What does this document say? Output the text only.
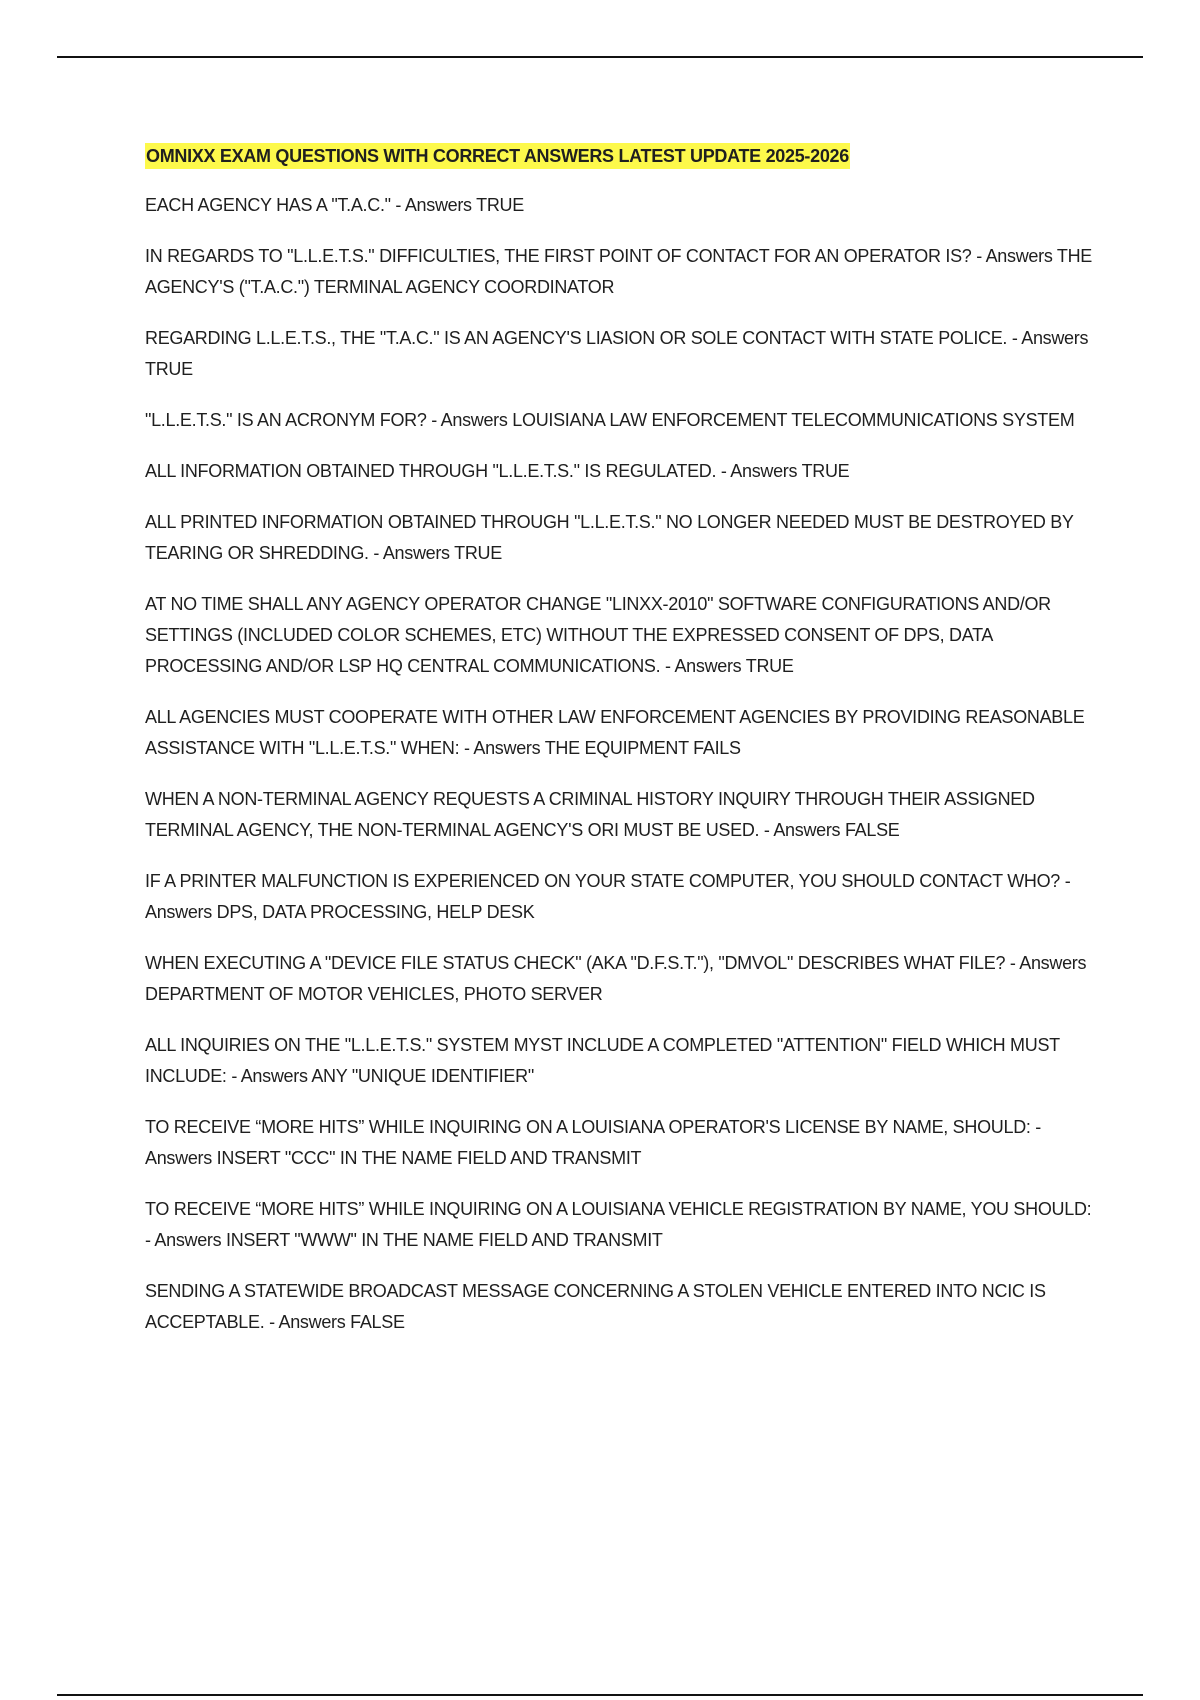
OMNIXX EXAM QUESTIONS WITH CORRECT ANSWERS LATEST UPDATE 2025-2026
EACH AGENCY HAS A "T.A.C." - Answers TRUE
IN REGARDS TO "L.L.E.T.S." DIFFICULTIES, THE FIRST POINT OF CONTACT FOR AN OPERATOR IS? - Answers THE AGENCY'S ("T.A.C.") TERMINAL AGENCY COORDINATOR
REGARDING L.L.E.T.S., THE "T.A.C." IS AN AGENCY'S LIASION OR SOLE CONTACT WITH STATE POLICE. - Answers TRUE
"L.L.E.T.S." IS AN ACRONYM FOR? - Answers LOUISIANA LAW ENFORCEMENT TELECOMMUNICATIONS SYSTEM
ALL INFORMATION OBTAINED THROUGH "L.L.E.T.S." IS REGULATED. - Answers TRUE
ALL PRINTED INFORMATION OBTAINED THROUGH "L.L.E.T.S." NO LONGER NEEDED MUST BE DESTROYED BY TEARING OR SHREDDING. - Answers TRUE
AT NO TIME SHALL ANY AGENCY OPERATOR CHANGE "LINXX-2010" SOFTWARE CONFIGURATIONS AND/OR SETTINGS (INCLUDED COLOR SCHEMES, ETC) WITHOUT THE EXPRESSED CONSENT OF DPS, DATA PROCESSING AND/OR LSP HQ CENTRAL COMMUNICATIONS. - Answers TRUE
ALL AGENCIES MUST COOPERATE WITH OTHER LAW ENFORCEMENT AGENCIES BY PROVIDING REASONABLE ASSISTANCE WITH "L.L.E.T.S." WHEN: - Answers THE EQUIPMENT FAILS
WHEN A NON-TERMINAL AGENCY REQUESTS A CRIMINAL HISTORY INQUIRY THROUGH THEIR ASSIGNED TERMINAL AGENCY, THE NON-TERMINAL AGENCY'S ORI MUST BE USED. - Answers FALSE
IF A PRINTER MALFUNCTION IS EXPERIENCED ON YOUR STATE COMPUTER, YOU SHOULD CONTACT WHO? - Answers DPS, DATA PROCESSING, HELP DESK
WHEN EXECUTING A "DEVICE FILE STATUS CHECK" (AKA "D.F.S.T."), "DMVOL" DESCRIBES WHAT FILE? - Answers DEPARTMENT OF MOTOR VEHICLES, PHOTO SERVER
ALL INQUIRIES ON THE "L.L.E.T.S." SYSTEM MYST INCLUDE A COMPLETED "ATTENTION" FIELD WHICH MUST INCLUDE: - Answers ANY "UNIQUE IDENTIFIER"
TO RECEIVE “MORE HITS” WHILE INQUIRING ON A LOUISIANA OPERATOR'S LICENSE BY NAME, SHOULD: - Answers INSERT "CCC" IN THE NAME FIELD AND TRANSMIT
TO RECEIVE “MORE HITS” WHILE INQUIRING ON A LOUISIANA VEHICLE REGISTRATION BY NAME, YOU SHOULD: - Answers INSERT "WWW" IN THE NAME FIELD AND TRANSMIT
SENDING A STATEWIDE BROADCAST MESSAGE CONCERNING A STOLEN VEHICLE ENTERED INTO NCIC IS ACCEPTABLE. - Answers FALSE
